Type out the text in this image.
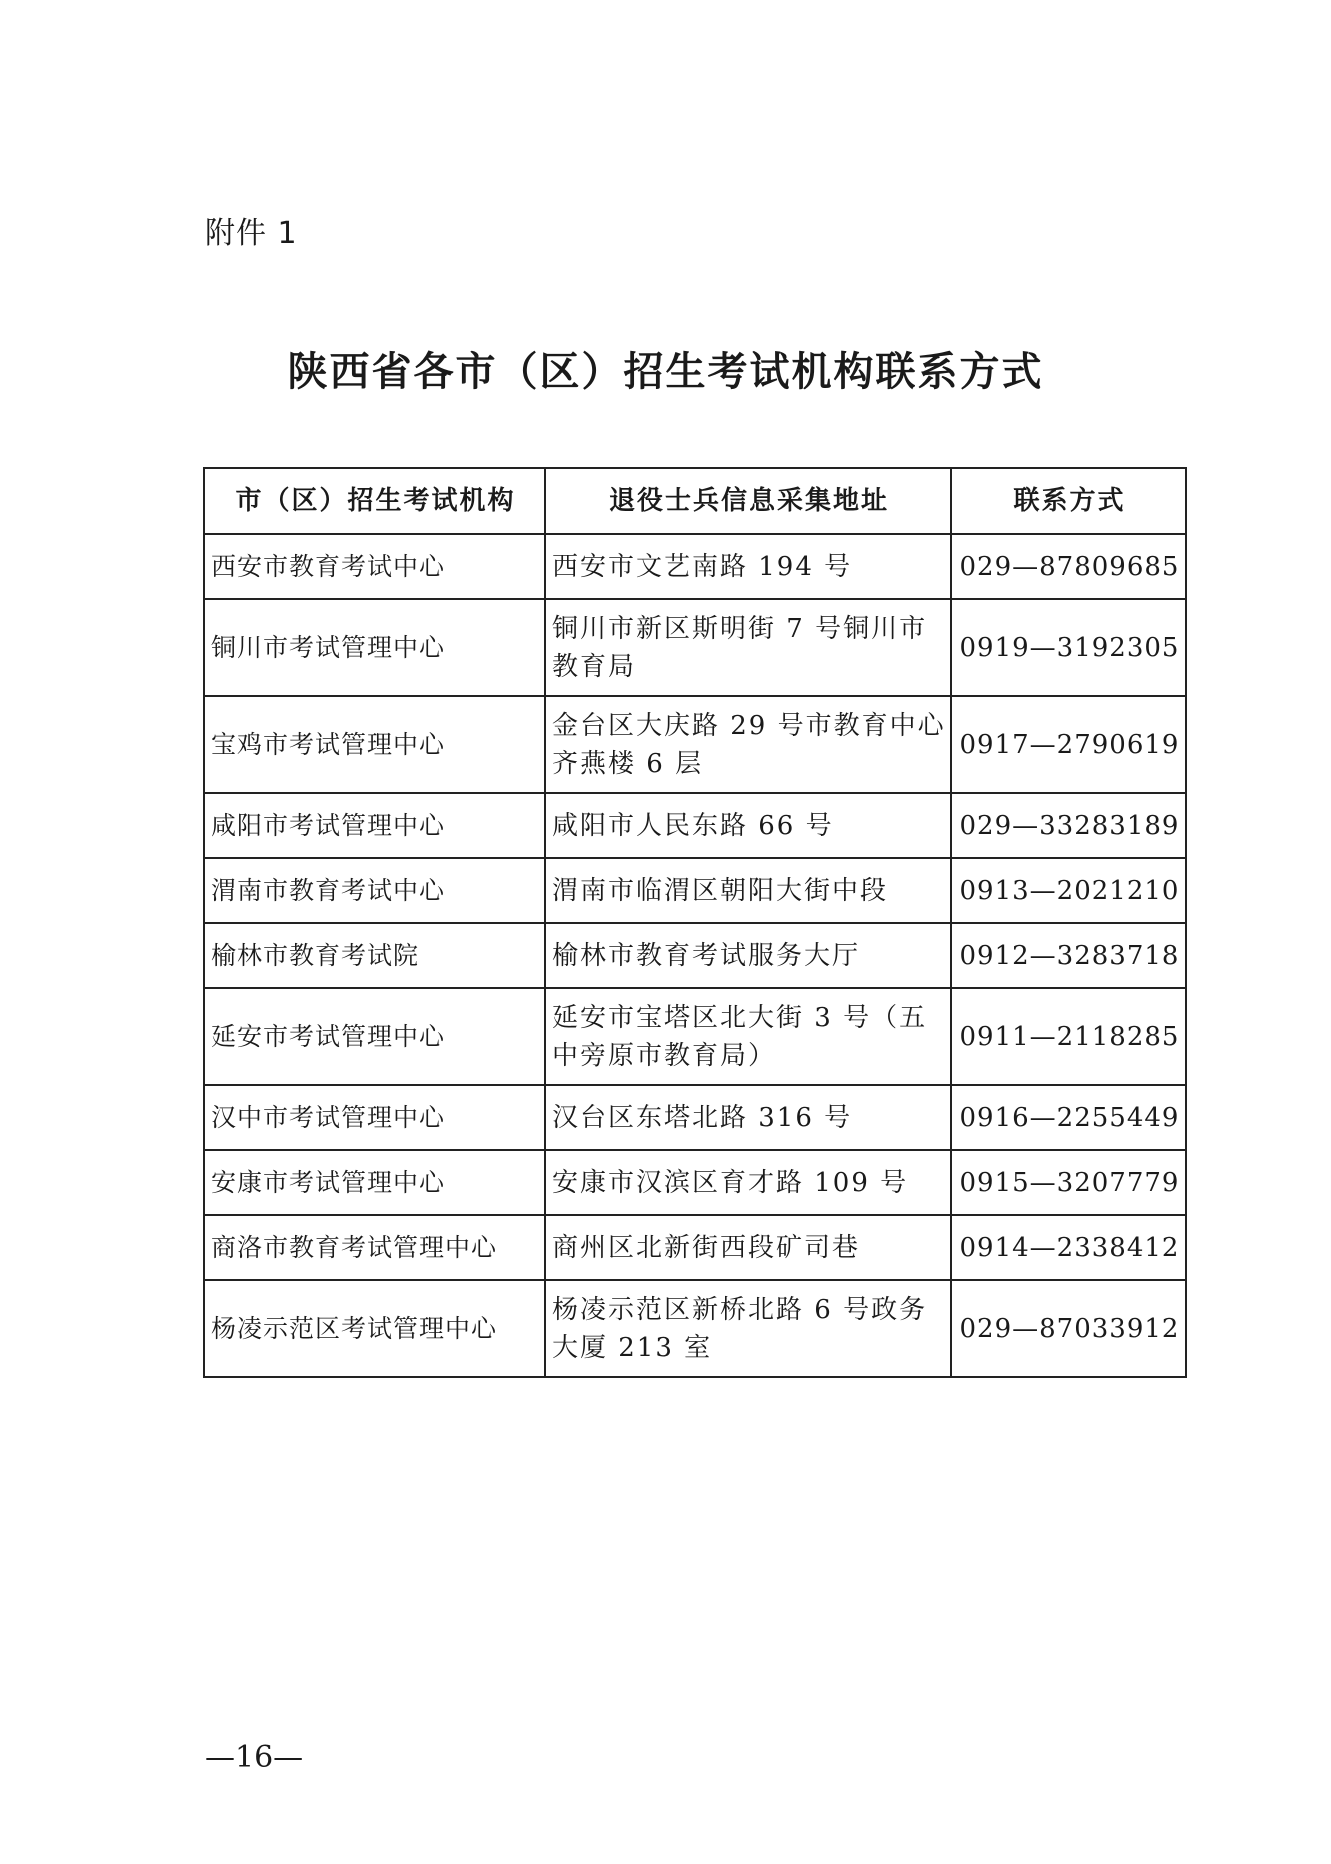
附件 1

陕西省各市（区）招生考试机构联系方式
市（区）招生考试机构	退役士兵信息采集地址	联系方式
西安市教育考试中心	西安市文艺南路 194 号	029—87809685
铜川市考试管理中心	铜川市新区斯明街 7 号铜川市教育局	0919—3192305
宝鸡市考试管理中心	金台区大庆路 29 号市教育中心齐燕楼 6 层	0917—2790619
咸阳市考试管理中心	咸阳市人民东路 66 号	029—33283189
渭南市教育考试中心	渭南市临渭区朝阳大街中段	0913—2021210
榆林市教育考试院	榆林市教育考试服务大厅	0912—3283718
延安市考试管理中心	延安市宝塔区北大街 3 号（五中旁原市教育局）	0911—2118285
汉中市考试管理中心	汉台区东塔北路 316 号	0916—2255449
安康市考试管理中心	安康市汉滨区育才路 109 号	0915—3207779
商洛市教育考试管理中心	商州区北新街西段矿司巷	0914—2338412
杨凌示范区考试管理中心	杨凌示范区新桥北路 6 号政务大厦 213 室	029—87033912

—16—
